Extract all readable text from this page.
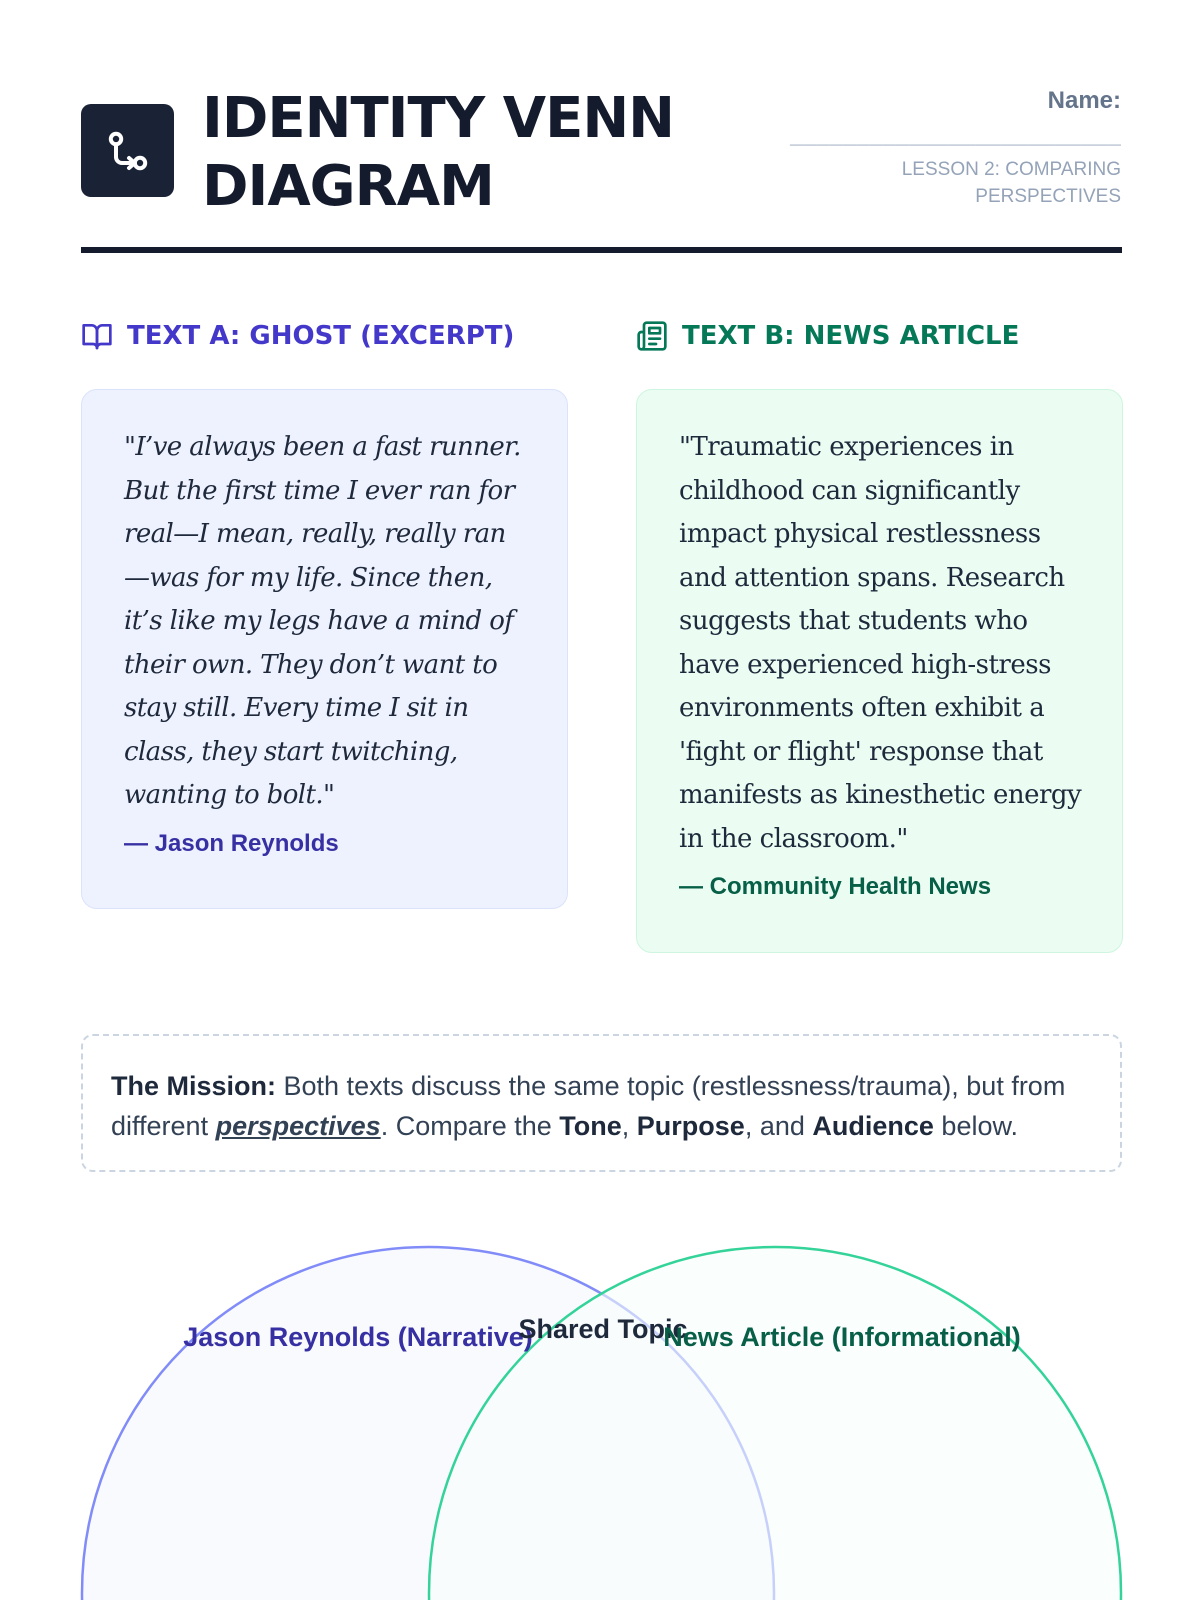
IDENTITY VENN
DIAGRAM
Name:
_________________________
LESSON 2: COMPARING PERSPECTIVES
TEXT A: GHOST (EXCERPT)	TEXT B: NEWS ARTICLE

"I’ve always been a fast runner. But the first time I ever ran for real—I mean, really, really ran—was for my life. Since then, it’s like my legs have a mind of their own. They don’t want to stay still. Every time I sit in class, they start twitching, wanting to bolt."

— Jason Reynolds

"Traumatic experiences in childhood can significantly impact physical restlessness and attention spans. Research suggests that students who have experienced high-stress environments often exhibit a 'fight or flight' response that manifests as kinesthetic energy in the classroom."

— Community Health News
The Mission: Both texts discuss the same topic (restlessness/trauma), but from different perspectives. Compare the Tone, Purpose, and Audience below.
Jason Reynolds (Narrative)
Shared Topic
News Article (Informational)
